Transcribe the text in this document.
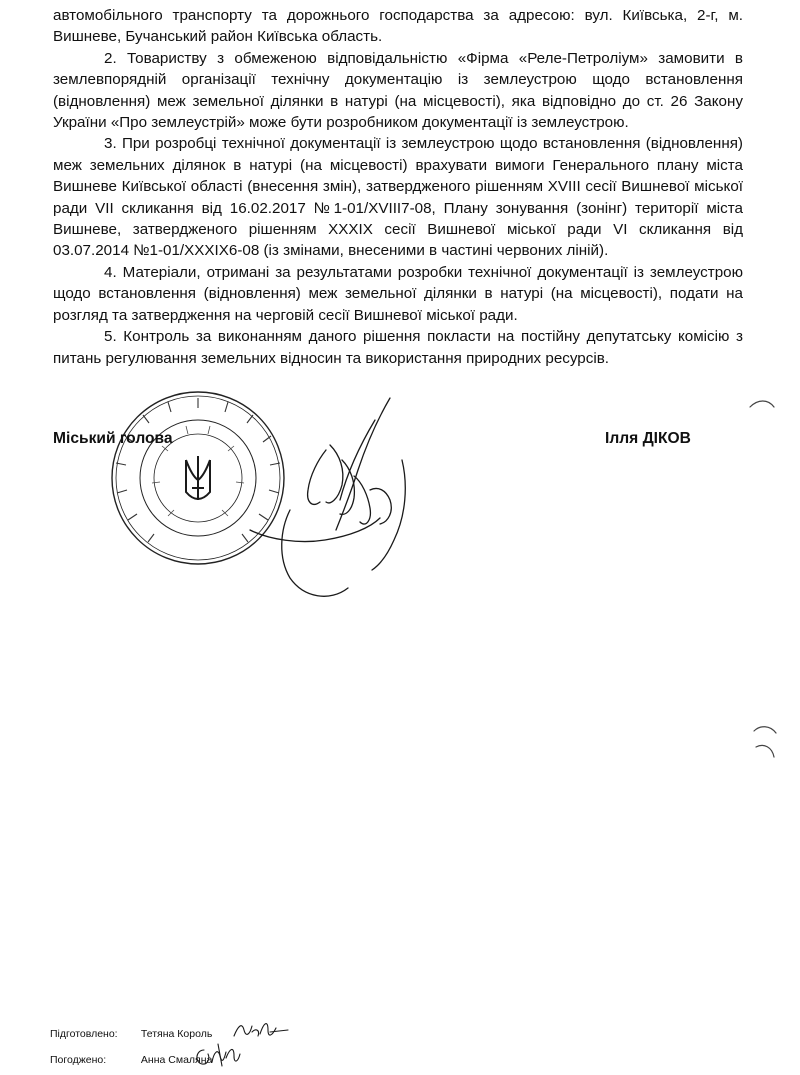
автомобільного транспорту та дорожнього господарства за адресою: вул. Київська, 2-г, м. Вишневе, Бучанський район Київська область.

2. Товариству з обмеженою відповідальністю «Фірма «Реле-Петроліум» замовити в землевпорядній організації технічну документацію із землеустрою щодо встановлення (відновлення) меж земельної ділянки в натурі (на місцевості), яка відповідно до ст. 26 Закону України «Про землеустрій» може бути розробником документації із землеустрою.

3. При розробці технічної документації із землеустрою щодо встановлення (відновлення) меж земельних ділянок в натурі (на місцевості) врахувати вимоги Генерального плану міста Вишневе Київської області (внесення змін), затвердженого рішенням XVIII сесії Вишневої міської ради VII скликання від 16.02.2017 №1-01/XVIII7-08, Плану зонування (зонінг) території міста Вишневе, затвердженого рішенням XXXIX сесії Вишневої міської ради VI скликання від 03.07.2014 №1-01/XXXIX6-08 (із змінами, внесеними в частині червоних ліній).

4. Матеріали, отримані за результатами розробки технічної документації із землеустрою щодо встановлення (відновлення) меж земельної ділянки в натурі (на місцевості), подати на розгляд та затвердження на черговій сесії Вишневої міської ради.

5. Контроль за виконанням даного рішення покласти на постійну депутатську комісію з питань регулювання земельних відносин та використання природних ресурсів.

Міський голова	Ілля ДІКОВ
Підготовлено: Тетяна Король
Погоджено:	Анна Смаляна
